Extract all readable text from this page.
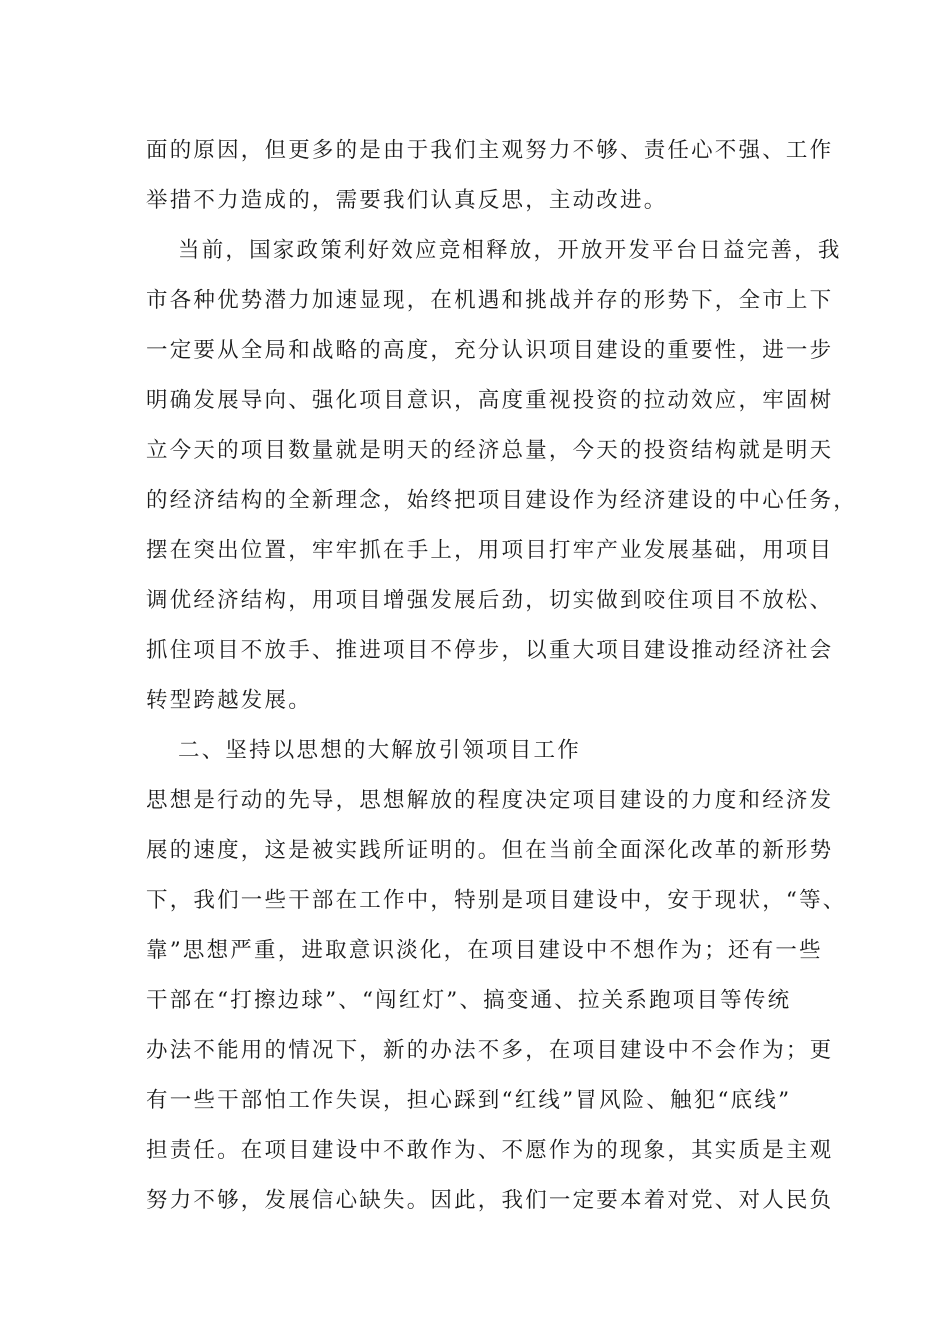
面的原因，但更多的是由于我们主观努力不够、责任心不强、工作
举措不力造成的，需要我们认真反思，主动改进。
当前，国家政策利好效应竞相释放，开放开发平台日益完善，我
市各种优势潜力加速显现，在机遇和挑战并存的形势下，全市上下
一定要从全局和战略的高度，充分认识项目建设的重要性，进一步
明确发展导向、强化项目意识，高度重视投资的拉动效应，牢固树
立今天的项目数量就是明天的经济总量，今天的投资结构就是明天
的经济结构的全新理念，始终把项目建设作为经济建设的中心任务，
摆在突出位置，牢牢抓在手上，用项目打牢产业发展基础，用项目
调优经济结构，用项目增强发展后劲，切实做到咬住项目不放松、
抓住项目不放手、推进项目不停步，以重大项目建设推动经济社会
转型跨越发展。
二、坚持以思想的大解放引领项目工作
思想是行动的先导，思想解放的程度决定项目建设的力度和经济发
展的速度，这是被实践所证明的。但在当前全面深化改革的新形势
下，我们一些干部在工作中，特别是项目建设中，安于现状，“等、
靠”思想严重，进取意识淡化，在项目建设中不想作为；还有一些
干部在“打擦边球”、“闯红灯”、搞变通、拉关系跑项目等传统
办法不能用的情况下，新的办法不多，在项目建设中不会作为；更
有一些干部怕工作失误，担心踩到“红线”冒风险、触犯“底线”
担责任。在项目建设中不敢作为、不愿作为的现象，其实质是主观
努力不够，发展信心缺失。因此，我们一定要本着对党、对人民负
